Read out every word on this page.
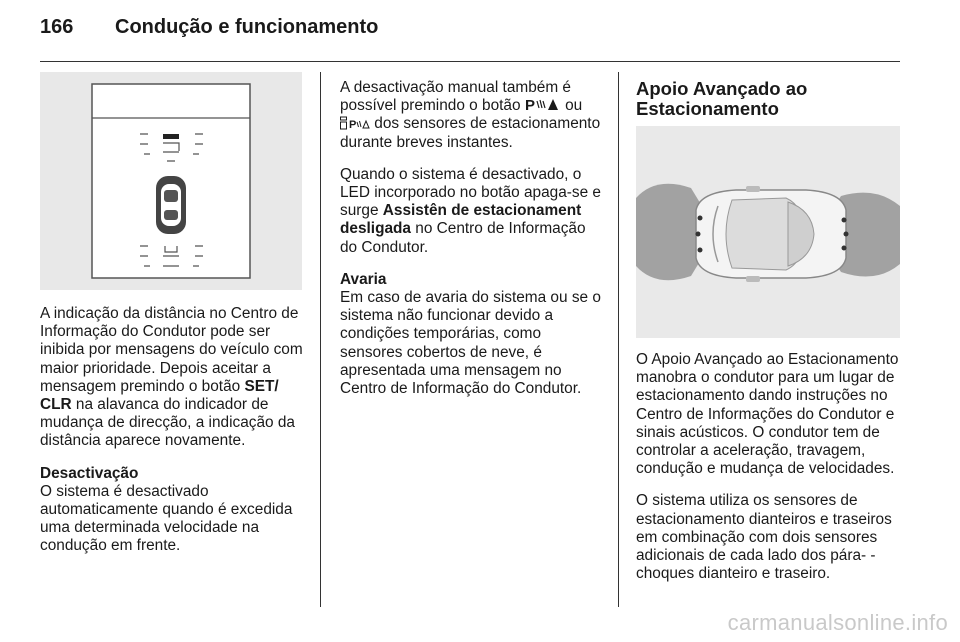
166	Condução e funcionamento

A indicação da distância no Centro de Informação do Condutor pode ser inibida por mensagens do veículo com maior prioridade. Depois aceitar a mensagem premindo o botão SET/ CLR na alavanca do indicador de mudança de direcção, a indicação da distância aparece novamente.

Desactivação

O sistema é desactivado automaticamente quando é excedida uma determinada velocidade na condução em frente.

A desactivação manual também é possível premindo o botão P ou

P dos sensores de estacionamento durante breves instantes.

Quando o sistema é desactivado, o LED incorporado no botão apaga-se e surge Assistên de estacionament desligada no Centro de Informação do Condutor.

Avaria

Em caso de avaria do sistema ou se o sistema não funcionar devido a condições temporárias, como sensores cobertos de neve, é apresentada uma mensagem no Centro de Informação do Condutor.

Apoio Avançado ao Estacionamento

O Apoio Avançado ao Estacionamento manobra o condutor para um lugar de estacionamento dando instruções no Centro de Informações do Condutor e sinais acústicos. O condutor tem de controlar a aceleração, travagem, condução e mudança de velocidades.

O sistema utiliza os sensores de estacionamento dianteiros e traseiros em combinação com dois sensores adicionais de cada lado dos pára- -choques dianteiro e traseiro.

carmanualsonline.info
